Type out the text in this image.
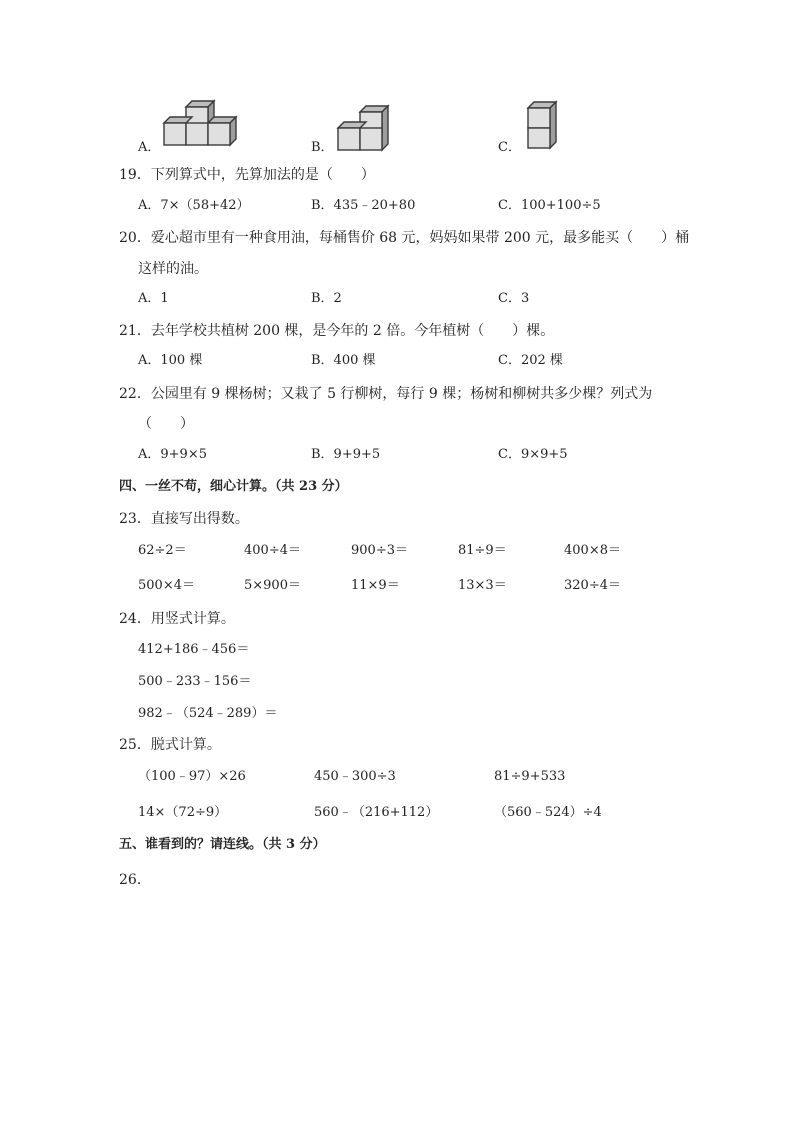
A．	B．	C．
19．下列算式中，先算加法的是（　　）
A．7×（58+42）	B．435﹣20+80	C．100+100÷5
20．爱心超市里有一种食用油，每桶售价 68 元，妈妈如果带 200 元，最多能买（　　）桶
这样的油。
A．1	B．2	C．3
21．去年学校共植树 200 棵，是今年的 2 倍。今年植树（　　）棵。
A．100 棵	B．400 棵	C．202 棵
22．公园里有 9 棵杨树；又栽了 5 行柳树，每行 9 棵；杨树和柳树共多少棵？列式为
（　　）
A．9+9×5	B．9+9+5	C．9×9+5
四、一丝不苟，细心计算。（共 23 分）
23．直接写出得数。
62÷2＝	400÷4＝	900÷3＝	81÷9＝	400×8＝
500×4＝	5×900＝	11×9＝	13×3＝	320÷4＝
24．用竖式计算。
412+186﹣456＝
500﹣233﹣156＝
982﹣（524﹣289）＝
25．脱式计算。
（100﹣97）×26	450﹣300÷3	81÷9+533
14×（72÷9）	560﹣（216+112）	（560﹣524）÷4
五、谁看到的？请连线。（共 3 分）
26．
